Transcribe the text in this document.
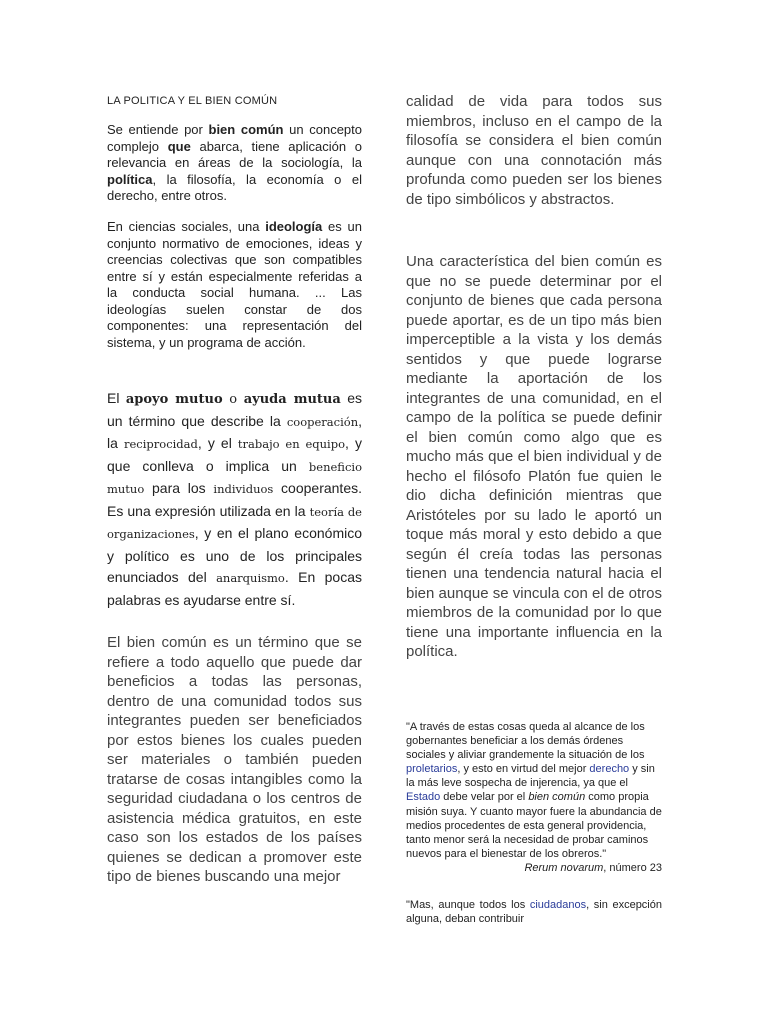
LA POLITICA Y EL BIEN COMÚN

Se entiende por bien común un concepto complejo que abarca, tiene aplicación o relevancia en áreas de la sociología, la política, la filosofía, la economía o el derecho, entre otros.

En ciencias sociales, una ideología es un conjunto normativo de emociones, ideas y creencias colectivas que son compatibles entre sí y están especialmente referidas a la conducta social humana. ... Las ideologías suelen constar de dos componentes: una representación del sistema, y un programa de acción.

El apoyo mutuo o ayuda mutua es un término que describe la cooperación, la reciprocidad, y el trabajo en equipo, y que conlleva o implica un beneficio mutuo para los individuos cooperantes. Es una expresión utilizada en la teoría de organizaciones, y en el plano económico y político es uno de los principales enunciados del anarquismo. En pocas palabras es ayudarse entre sí.

El bien común es un término que se refiere a todo aquello que puede dar beneficios a todas las personas, dentro de una comunidad todos sus integrantes pueden ser beneficiados por estos bienes los cuales pueden ser materiales o también pueden tratarse de cosas intangibles como la seguridad ciudadana o los centros de asistencia médica gratuitos, en este caso son los estados de los países quienes se dedican a promover este tipo de bienes buscando una mejor

calidad de vida para todos sus miembros, incluso en el campo de la filosofía se considera el bien común aunque con una connotación más profunda como pueden ser los bienes de tipo simbólicos y abstractos.

Una característica del bien común es que no se puede determinar por el conjunto de bienes que cada persona puede aportar, es de un tipo más bien imperceptible a la vista y los demás sentidos y que puede lograrse mediante la aportación de los integrantes de una comunidad, en el campo de la política se puede definir el bien común como algo que es mucho más que el bien individual y de hecho el filósofo Platón fue quien le dio dicha definición mientras que Aristóteles por su lado le aportó un toque más moral y esto debido a que según él creía todas las personas tienen una tendencia natural hacia el bien aunque se vincula con el de otros miembros de la comunidad por lo que tiene una importante influencia en la política.

"A través de estas cosas queda al alcance de los gobernantes beneficiar a los demás órdenes sociales y aliviar grandemente la situación de los proletarios, y esto en virtud del mejor derecho y sin la más leve sospecha de injerencia, ya que el Estado debe velar por el bien común como propia misión suya. Y cuanto mayor fuere la abundancia de medios procedentes de esta general providencia, tanto menor será la necesidad de probar caminos nuevos para el bienestar de los obreros."

Rerum novarum, número 23

"Mas, aunque todos los ciudadanos, sin excepción alguna, deban contribuir
